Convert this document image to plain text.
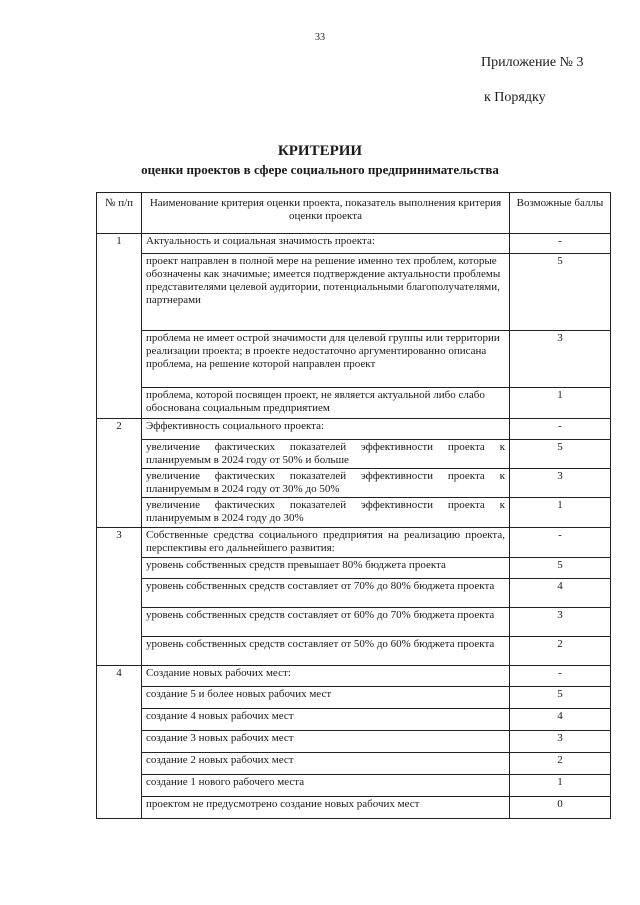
33
Приложение № 3
к Порядку
КРИТЕРИИ
оценки проектов в сфере социального предпринимательства
№ п/п	Наименование критерия оценки проекта, показатель выполнения критерия оценки проекта	Возможные баллы
1	Актуальность и социальная значимость проекта:	-
	проект направлен в полной мере на решение именно тех проблем, которые обозначены как значимые; имеется подтверждение актуальности проблемы представителями целевой аудитории, потенциальными благополучателями, партнерами	5
	проблема не имеет острой значимости для целевой группы или территории реализации проекта; в проекте недостаточно аргументированно описана проблема, на решение которой направлен проект	3
	проблема, которой посвящен проект, не является актуальной либо слабо обоснована социальным предприятием	1
2	Эффективность социального проекта:	-
	увеличение фактических показателей эффективности проекта к планируемым в 2024 году от 50% и больше	5
	увеличение фактических показателей эффективности проекта к планируемым в 2024 году от 30% до 50%	3
	увеличение фактических показателей эффективности проекта к планируемым в 2024 году до 30%	1
3	Собственные средства социального предприятия на реализацию проекта, перспективы его дальнейшего развития:	-
	уровень собственных средств превышает 80% бюджета проекта	5
	уровень собственных средств составляет от 70% до 80% бюджета проекта	4
	уровень собственных средств составляет от 60% до 70% бюджета проекта	3
	уровень собственных средств составляет от 50% до 60% бюджета проекта	2
4	Создание новых рабочих мест:	-
	создание 5 и более новых рабочих мест	5
	создание 4 новых рабочих мест	4
	создание 3 новых рабочих мест	3
	создание 2 новых рабочих мест	2
	создание 1 нового рабочего места	1
	проектом не предусмотрено создание новых рабочих мест	0
